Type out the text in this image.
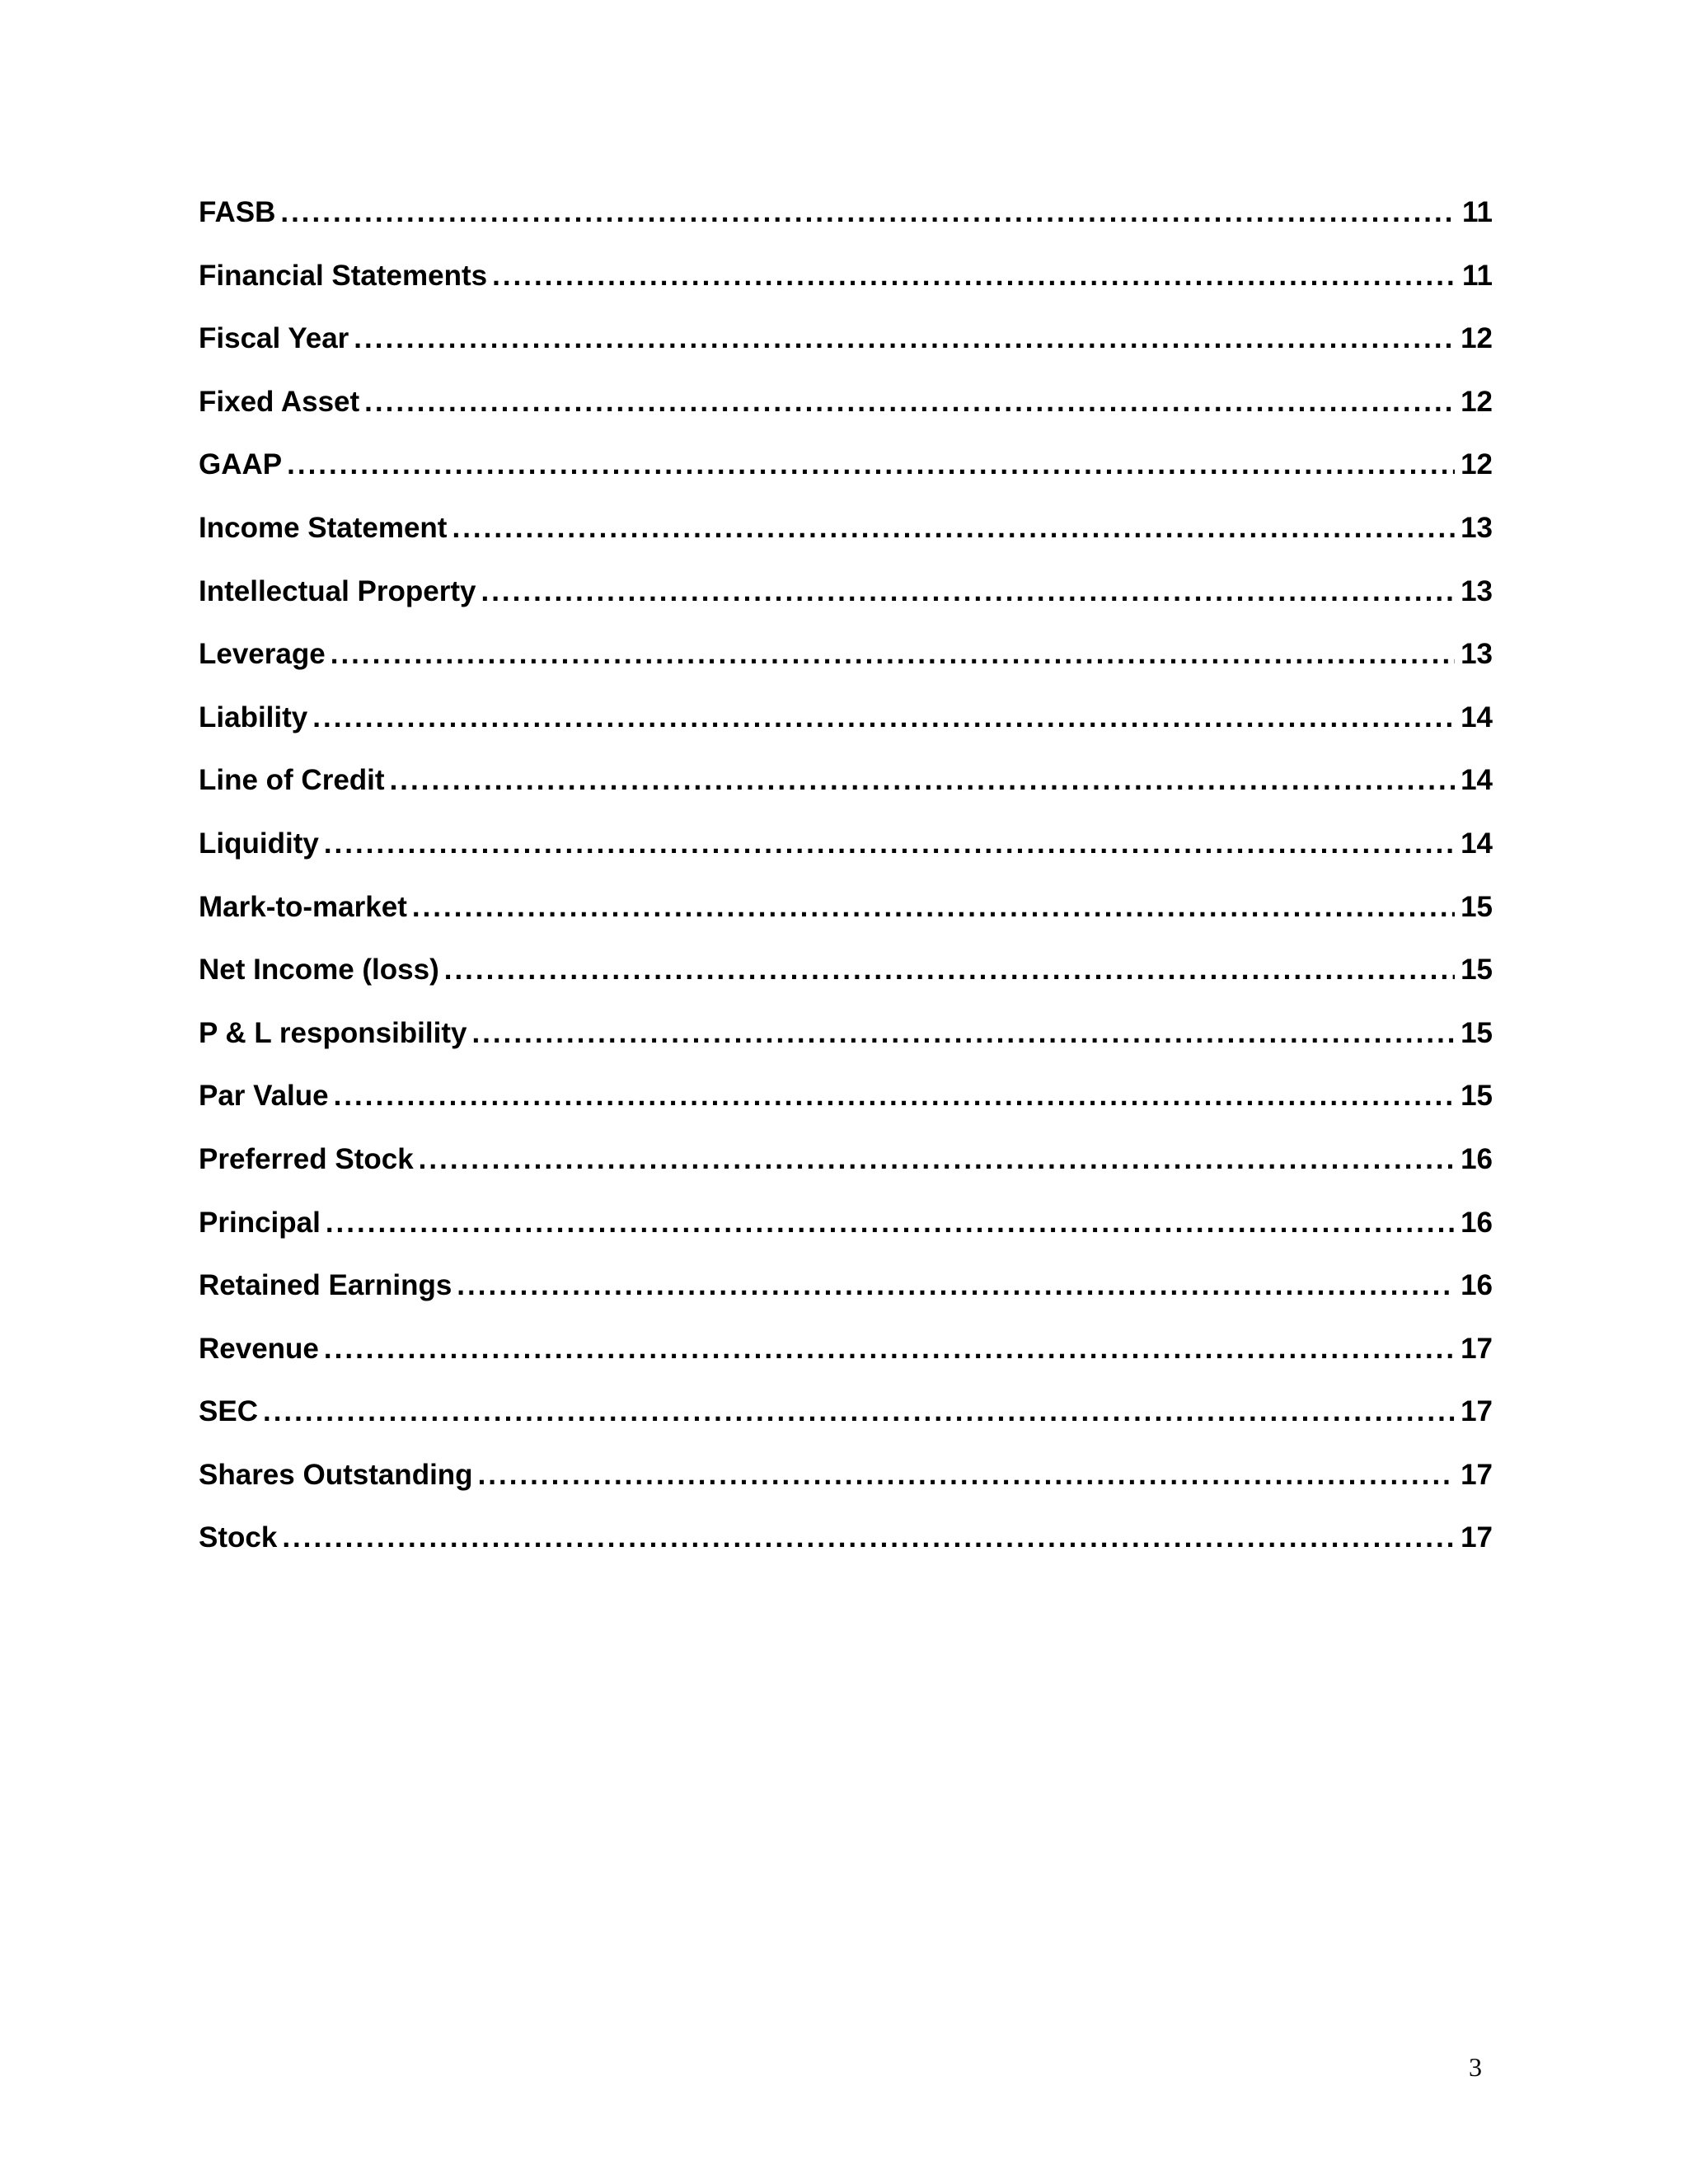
FASB .....	11
Financial Statements .....	11
Fiscal Year .....	12
Fixed Asset .....	12
GAAP .....	12
Income Statement .....	13
Intellectual Property .....	13
Leverage .....	13
Liability .....	14
Line of Credit .....	14
Liquidity .....	14
Mark-to-market .....	15
Net Income (loss) .....	15
P & L responsibility .....	15
Par Value .....	15
Preferred Stock .....	16
Principal .....	16
Retained Earnings .....	16
Revenue .....	17
SEC .....	17
Shares Outstanding .....	17
Stock .....	17
3
